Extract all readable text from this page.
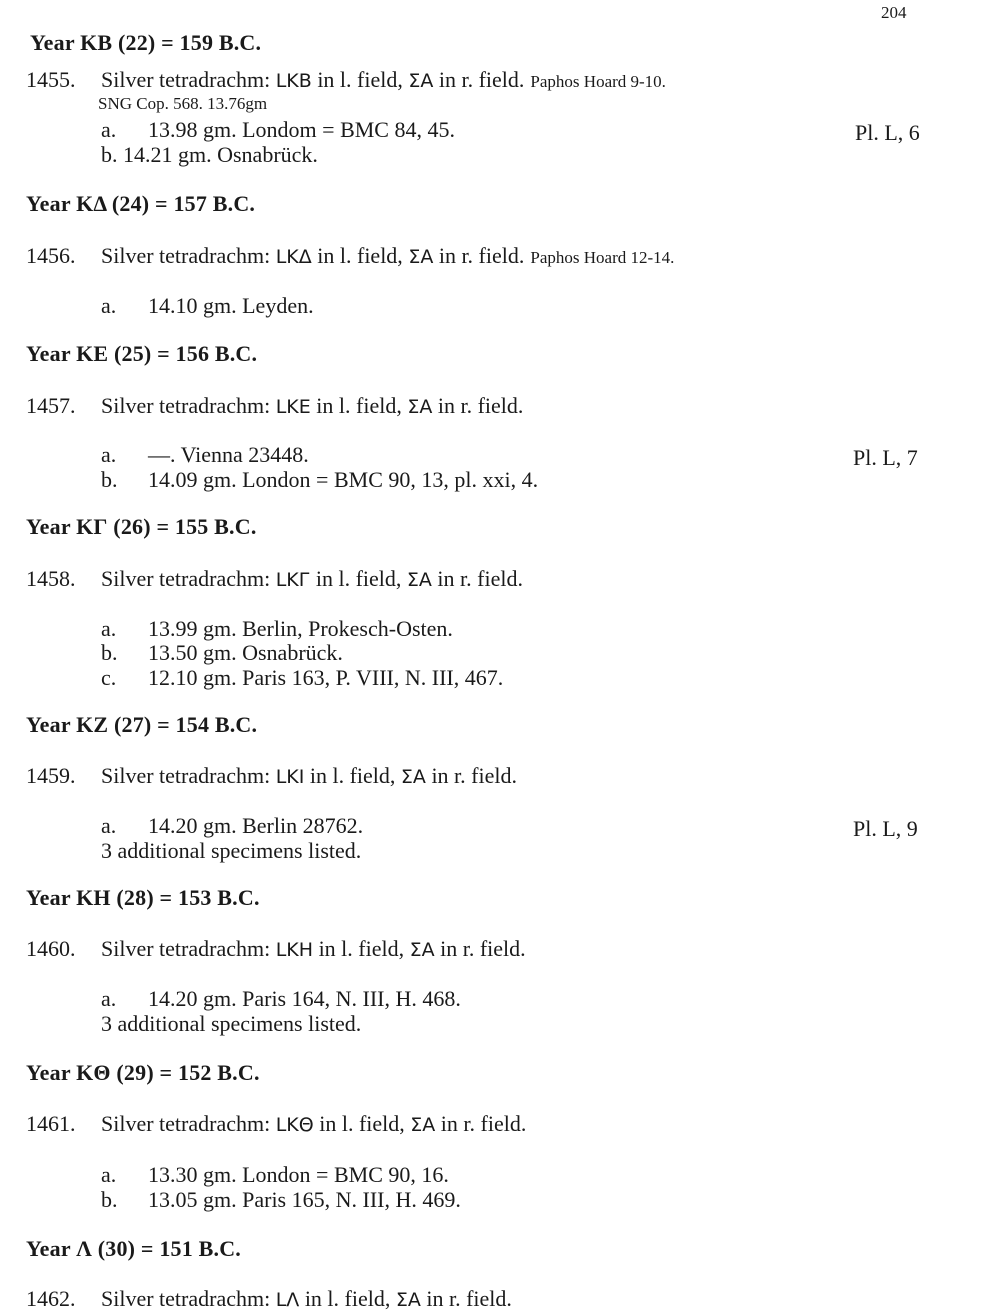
204
Year KB (22) = 159 B.C.
1455. Silver tetradrachm: LKB in l. field, ΣA in r. field. Paphos Hoard 9-10.
SNG Cop. 568. 13.76gm
a. 13.98 gm. Londom = BMC 84, 45.	Pl. L, 6
b. 14.21 gm. Osnabrück.
Year KΔ (24) = 157 B.C.
1456. Silver tetradrachm: LKΔ in l. field, ΣA in r. field. Paphos Hoard 12-14.
a. 14.10 gm. Leyden.
Year KE (25) = 156 B.C.
1457. Silver tetradrachm: LKE in l. field, ΣA in r. field.
a. —. Vienna 23448.	Pl. L, 7
b. 14.09 gm. London = BMC 90, 13, pl. xxi, 4.
Year KГ (26) = 155 B.C.
1458. Silver tetradrachm: LKГ in l. field, ΣA in r. field.
a. 13.99 gm. Berlin, Prokesch-Osten.
b. 13.50 gm. Osnabrück.
c. 12.10 gm. Paris 163, P. VIII, N. III, 467.
Year KZ (27) = 154 B.C.
1459. Silver tetradrachm: LKI in l. field, ΣA in r. field.
a. 14.20 gm. Berlin 28762.	Pl. L, 9
3 additional specimens listed.
Year KH (28) = 153 B.C.
1460. Silver tetradrachm: LKH in l. field, ΣA in r. field.
a. 14.20 gm. Paris 164, N. III, H. 468.
3 additional specimens listed.
Year KΘ (29) = 152 B.C.
1461. Silver tetradrachm: LKΘ in l. field, ΣA in r. field.
a. 13.30 gm. London = BMC 90, 16.
b. 13.05 gm. Paris 165, N. III, H. 469.
Year Λ (30) = 151 B.C.
1462. Silver tetradrachm: LΛ in l. field, ΣA in r. field.
